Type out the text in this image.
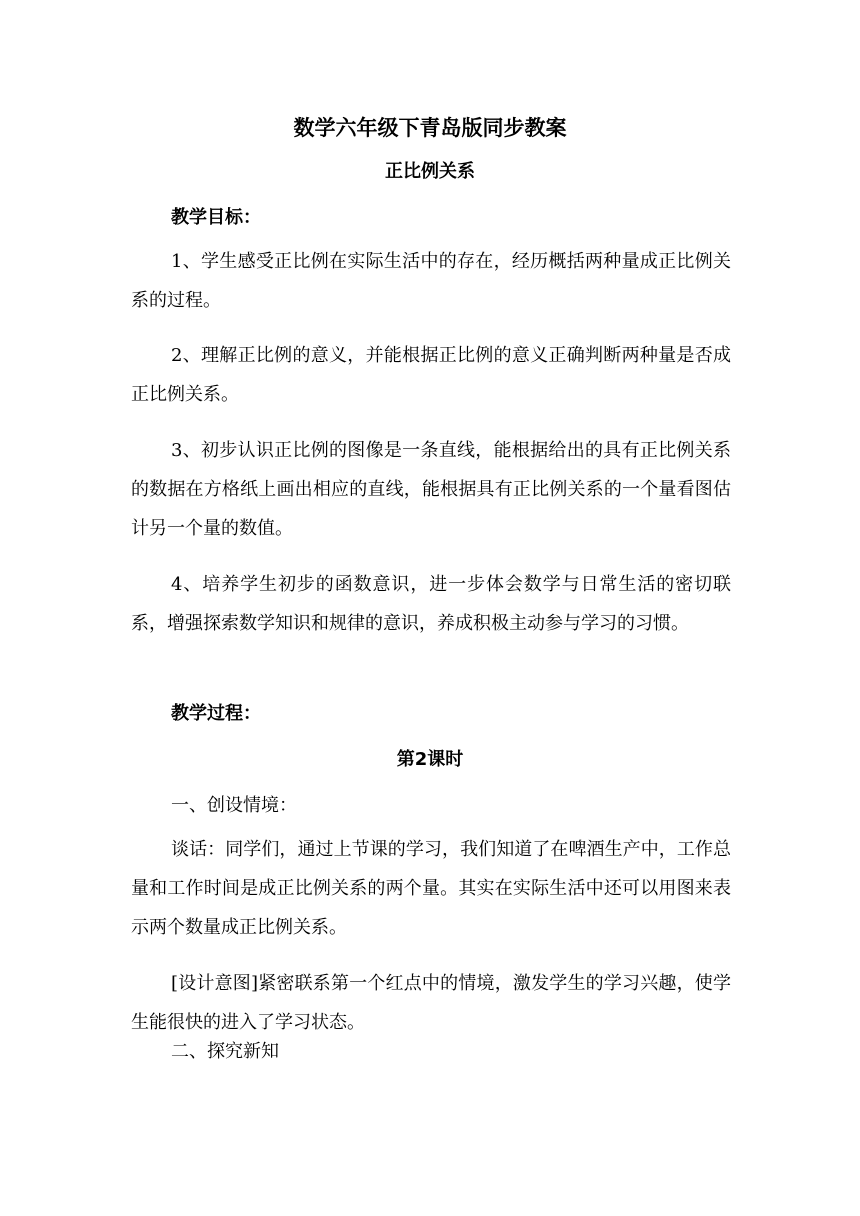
数学六年级下青岛版同步教案
正比例关系
教学目标：

1、学生感受正比例在实际生活中的存在，经历概括两种量成正比例关系的过程。

2、理解正比例的意义，并能根据正比例的意义正确判断两种量是否成正比例关系。

3、初步认识正比例的图像是一条直线，能根据给出的具有正比例关系的数据在方格纸上画出相应的直线，能根据具有正比例关系的一个量看图估计另一个量的数值。

4、培养学生初步的函数意识，进一步体会数学与日常生活的密切联系，增强探索数学知识和规律的意识，养成积极主动参与学习的习惯。

教学过程：
第2课时

一、创设情境：

谈话：同学们，通过上节课的学习，我们知道了在啤酒生产中，工作总量和工作时间是成正比例关系的两个量。其实在实际生活中还可以用图来表示两个数量成正比例关系。

[设计意图]紧密联系第一个红点中的情境，激发学生的学习兴趣，使学生能很快的进入了学习状态。

二、探究新知
